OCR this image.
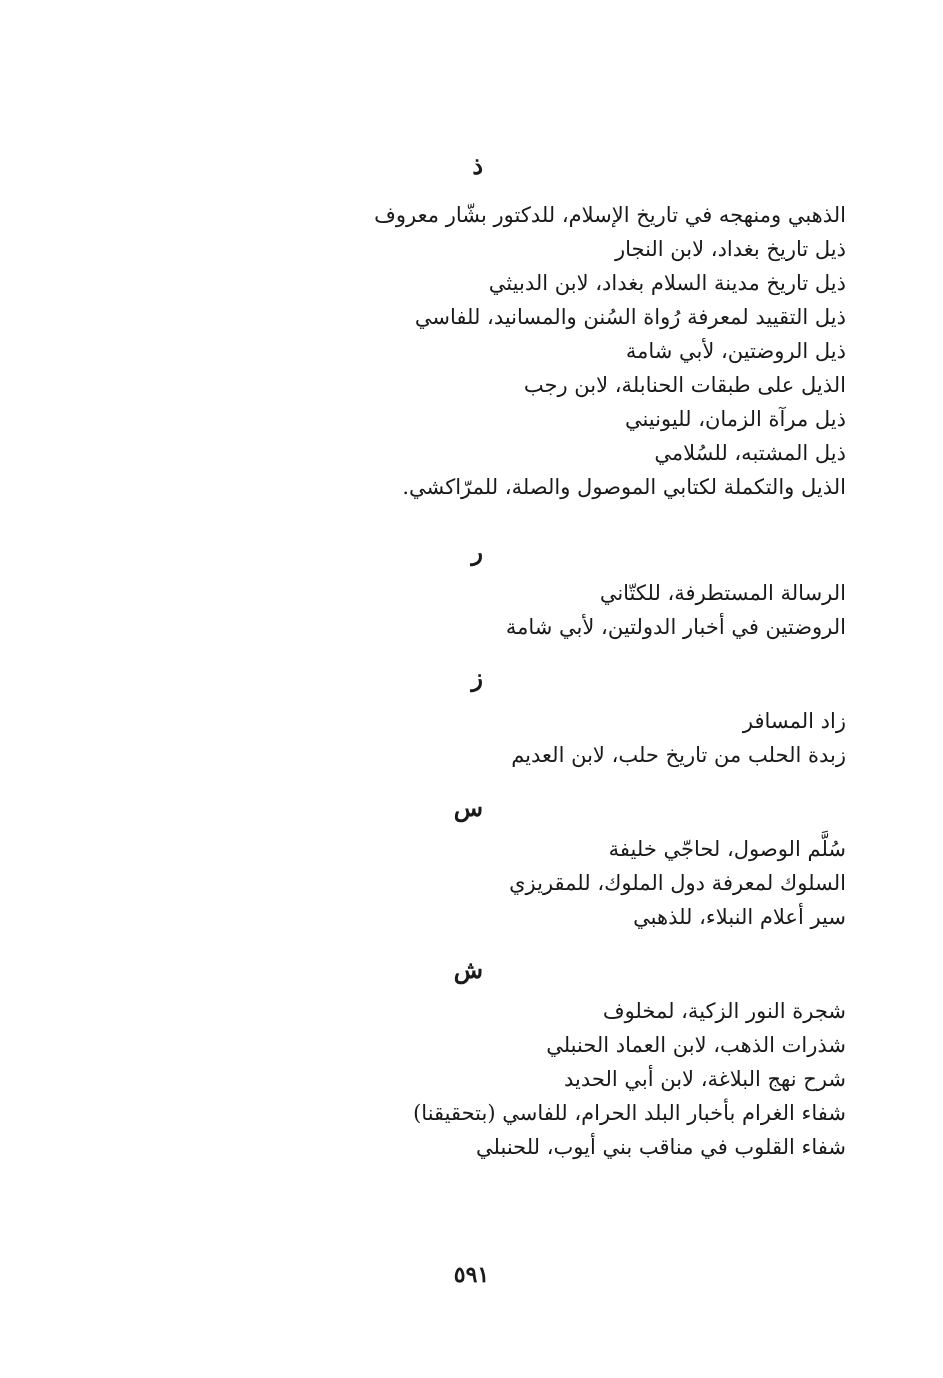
ذ
الذهبي ومنهجه في تاريخ الإسلام، للدكتور بشّار معروف
ذيل تاريخ بغداد، لابن النجار
ذيل تاريخ مدينة السلام بغداد، لابن الدبيثي
ذيل التقييد لمعرفة رُواة السُنن والمسانيد، للفاسي
ذيل الروضتين، لأبي شامة
الذيل على طبقات الحنابلة، لابن رجب
ذيل مرآة الزمان، لليونيني
ذيل المشتبه، للسُلامي
الذيل والتكملة لكتابي الموصول والصلة، للمرّاكشي.
ر
الرسالة المستطرفة، للكتّاني
الروضتين في أخبار الدولتين، لأبي شامة
ز
زاد المسافر
زبدة الحلب من تاريخ حلب، لابن العديم
س
سُلَّم الوصول، لحاجّي خليفة
السلوك لمعرفة دول الملوك، للمقريزي
سير أعلام النبلاء، للذهبي
ش
شجرة النور الزكية، لمخلوف
شذرات الذهب، لابن العماد الحنبلي
شرح نهج البلاغة، لابن أبي الحديد
شفاء الغرام بأخبار البلد الحرام، للفاسي (بتحقيقنا)
شفاء القلوب في مناقب بني أيوب، للحنبلي
٥٩١
